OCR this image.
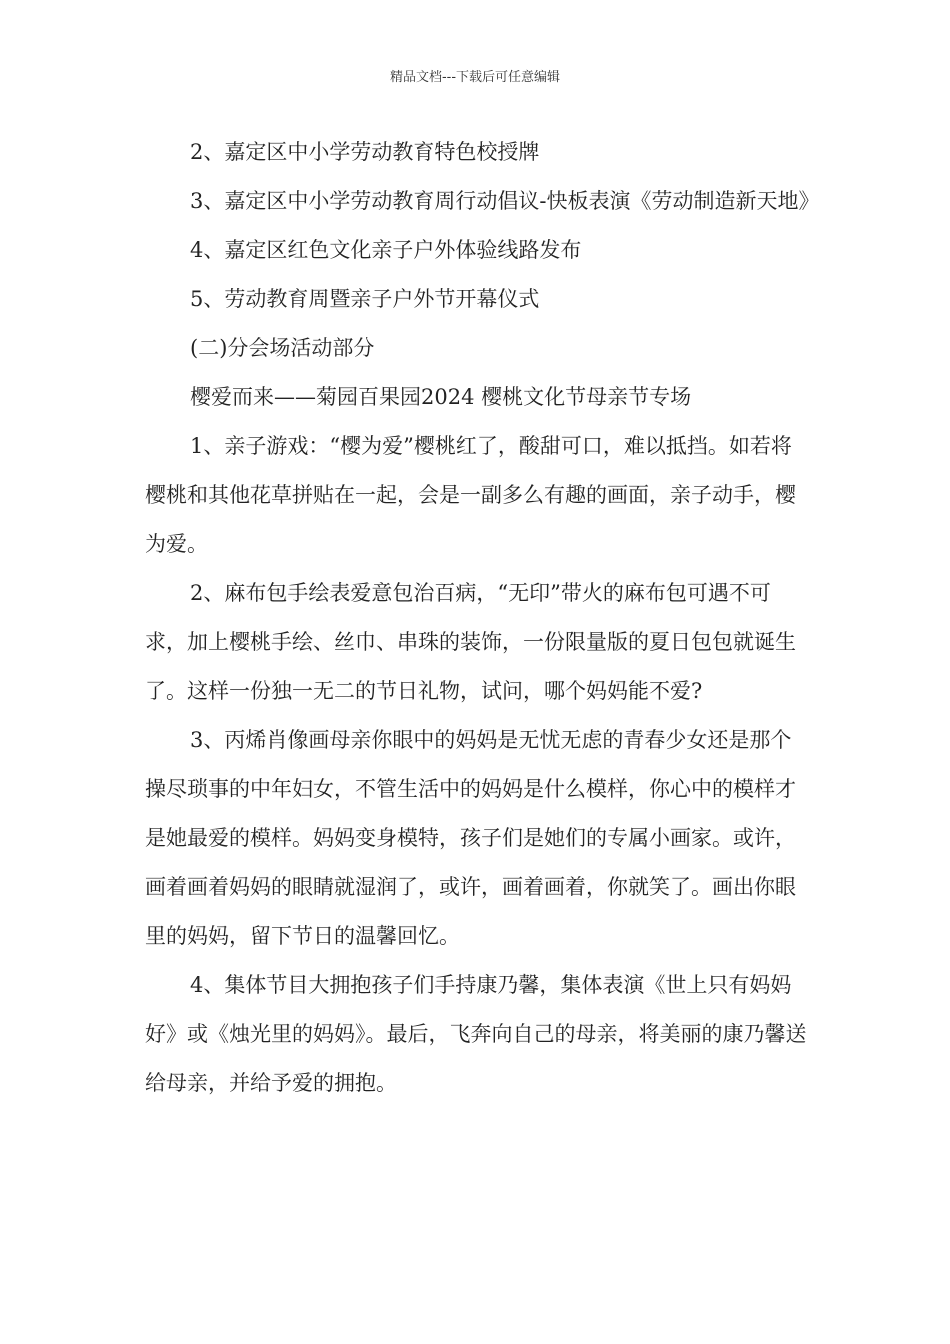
精品文档---下载后可任意编辑

2、嘉定区中小学劳动教育特色校授牌

3、嘉定区中小学劳动教育周行动倡议-快板表演《劳动制造新天地》

4、嘉定区红色文化亲子户外体验线路发布

5、劳动教育周暨亲子户外节开幕仪式

(二)分会场活动部分

樱爱而来——菊园百果园2024 樱桃文化节母亲节专场

1、亲子游戏：“樱为爱”樱桃红了，酸甜可口，难以抵挡。如若将樱桃和其他花草拼贴在一起，会是一副多么有趣的画面，亲子动手，樱为爱。

2、麻布包手绘表爱意包治百病，“无印”带火的麻布包可遇不可求，加上樱桃手绘、丝巾、串珠的装饰，一份限量版的夏日包包就诞生了。这样一份独一无二的节日礼物，试问，哪个妈妈能不爱?

3、丙烯肖像画母亲你眼中的妈妈是无忧无虑的青春少女还是那个操尽琐事的中年妇女，不管生活中的妈妈是什么模样，你心中的模样才是她最爱的模样。妈妈变身模特，孩子们是她们的专属小画家。或许，画着画着妈妈的眼睛就湿润了，或许，画着画着，你就笑了。画出你眼里的妈妈，留下节日的温馨回忆。

4、集体节目大拥抱孩子们手持康乃馨，集体表演《世上只有妈妈好》或《烛光里的妈妈》。最后，飞奔向自己的母亲，将美丽的康乃馨送给母亲，并给予爱的拥抱。
